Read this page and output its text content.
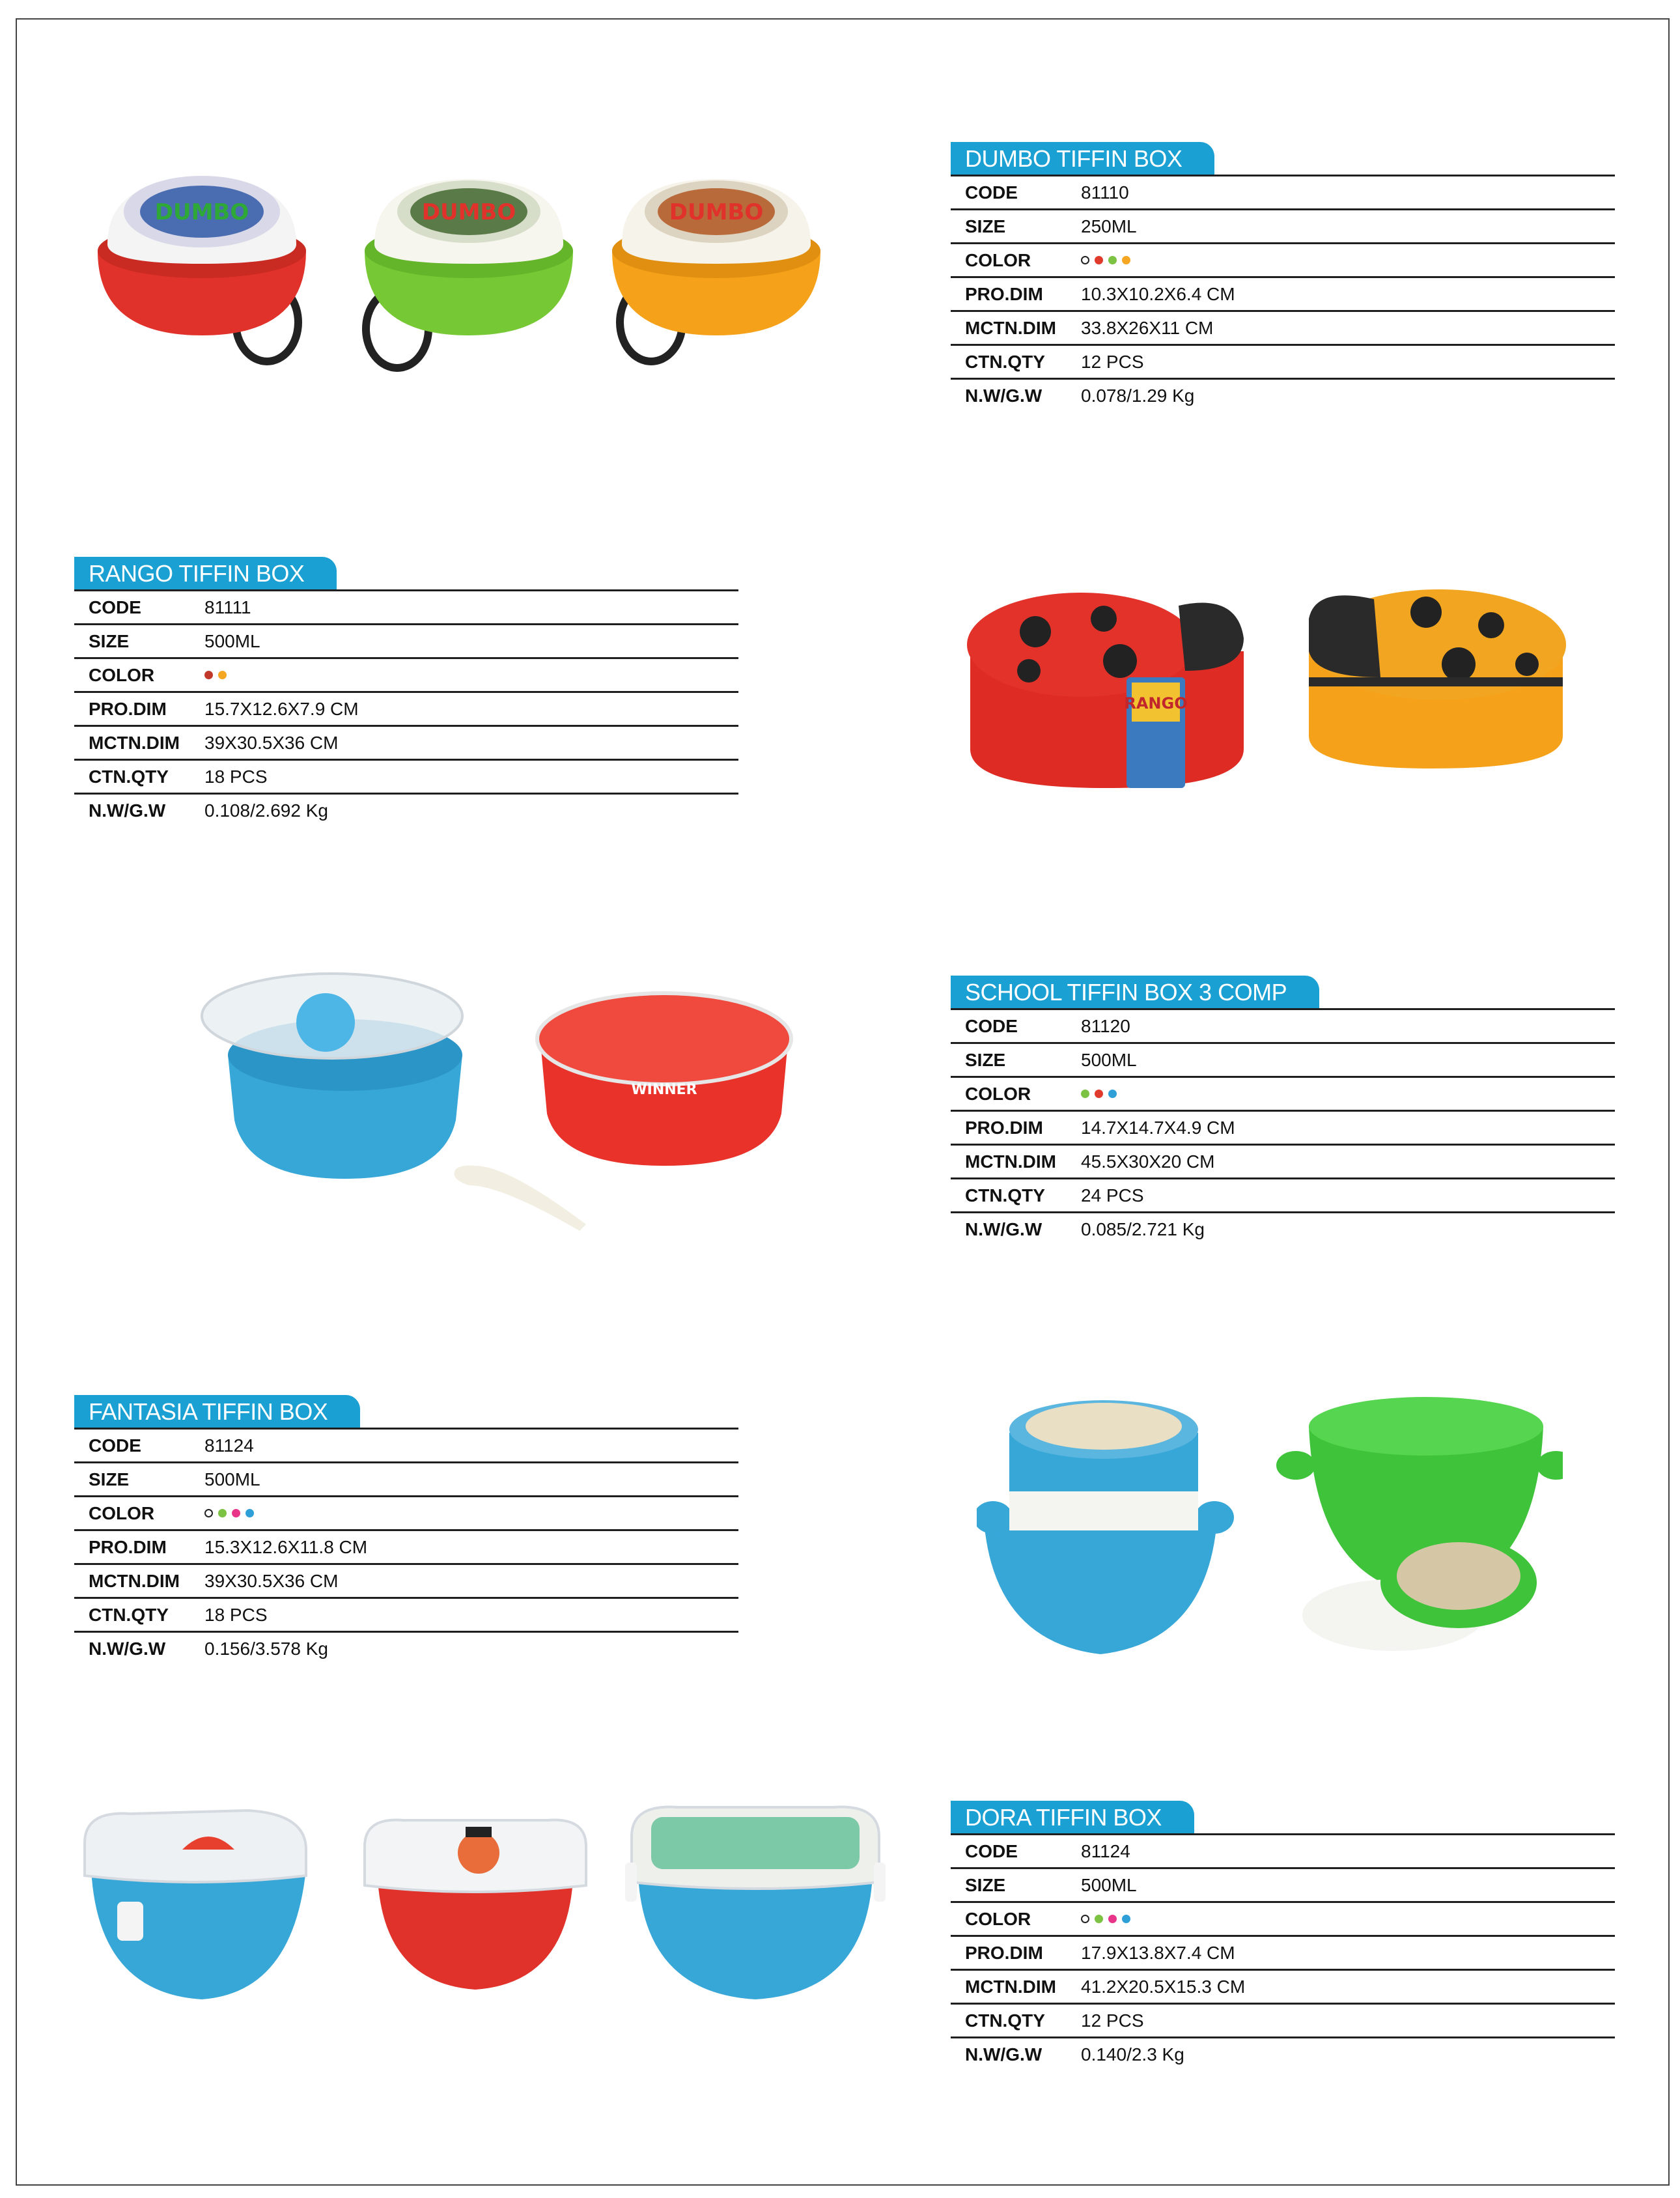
DUMBO TIFFIN BOX
CODE	81110
SIZE	250ML
COLOR
PRO.DIM	10.3X10.2X6.4 CM
MCTN.DIM	33.8X26X11 CM
CTN.QTY	12 PCS
N.W/G.W	0.078/1.29 Kg
RANGO TIFFIN BOX
CODE	81111
SIZE	500ML
COLOR
PRO.DIM	15.7X12.6X7.9 CM
MCTN.DIM	39X30.5X36 CM
CTN.QTY	18 PCS
N.W/G.W	0.108/2.692 Kg
SCHOOL TIFFIN BOX 3 COMP
CODE	81120
SIZE	500ML
COLOR
PRO.DIM	14.7X14.7X4.9 CM
MCTN.DIM	45.5X30X20 CM
CTN.QTY	24 PCS
N.W/G.W	0.085/2.721 Kg
FANTASIA TIFFIN BOX
CODE	81124
SIZE	500ML
COLOR
PRO.DIM	15.3X12.6X11.8 CM
MCTN.DIM	39X30.5X36 CM
CTN.QTY	18 PCS
N.W/G.W	0.156/3.578 Kg
DORA TIFFIN BOX
CODE	81124
SIZE	500ML
COLOR
PRO.DIM	17.9X13.8X7.4 CM
MCTN.DIM	41.2X20.5X15.3 CM
CTN.QTY	12 PCS
N.W/G.W	0.140/2.3 Kg
DUMBO	DUMBO	DUMBO
RANGO
WINNER
